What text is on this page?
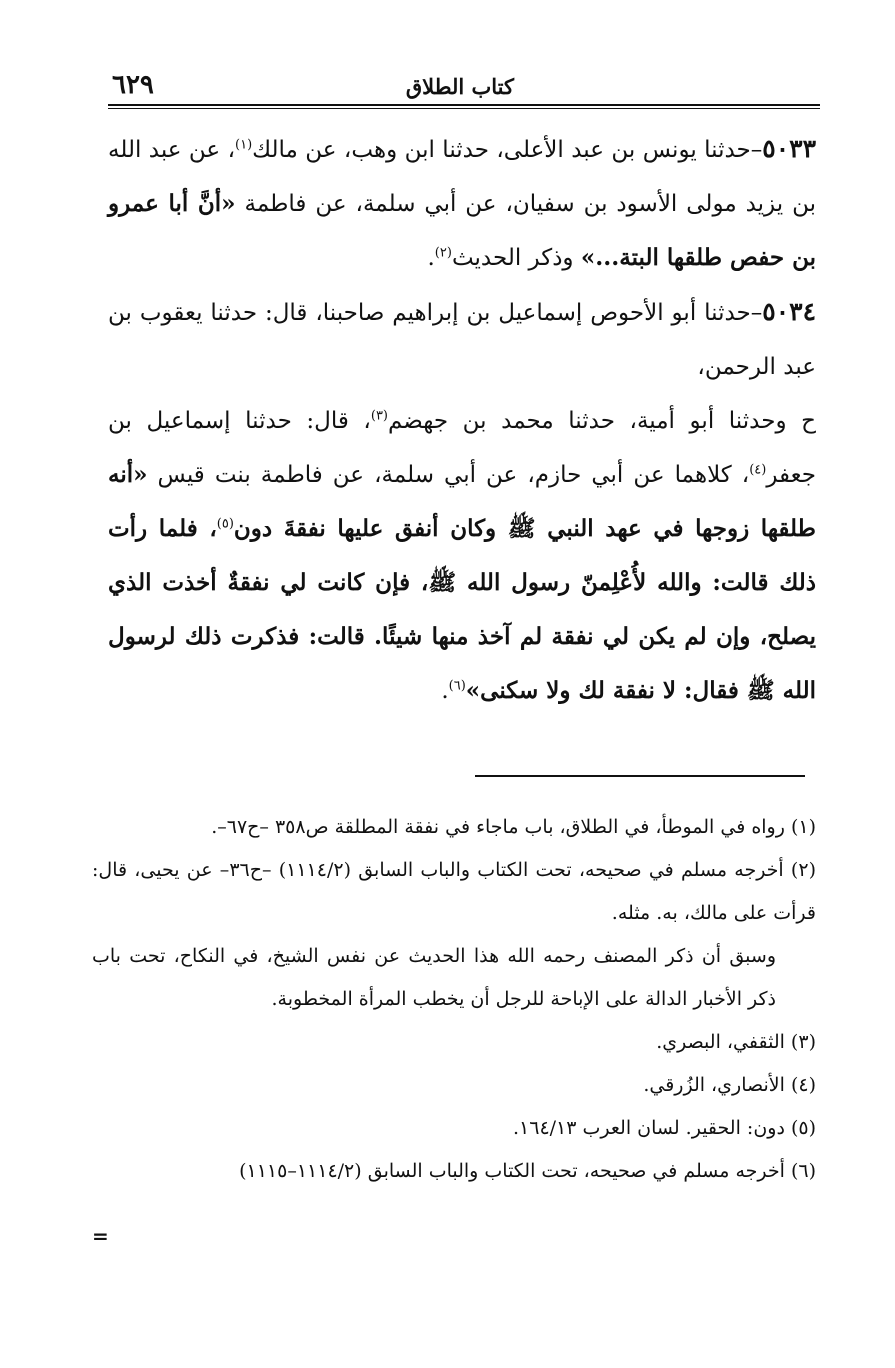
كتاب الطلاق
٦٢٩

٥٠٣٣–حدثنا يونس بن عبد الأعلى، حدثنا ابن وهب، عن مالك$^{(١)}$، عن عبد الله بن يزيد مولى الأسود بن سفيان، عن أبي سلمة، عن فاطمة «أنَّ أبا عمرو بن حفص طلقها البتة...» وذكر الحديث$^{(٢)}$.

٥٠٣٤–حدثنا أبو الأحوص إسماعيل بن إبراهيم صاحبنا، قال: حدثنا يعقوب بن عبد الرحمن،

ح وحدثنا أبو أمية، حدثنا محمد بن جهضم$^{(٣)}$، قال: حدثنا إسماعيل بن جعفر$^{(٤)}$، كلاهما عن أبي حازم، عن أبي سلمة، عن فاطمة بنت قيس «أنه طلقها زوجها في عهد النبي ﷺ وكان أنفق عليها نفقةَ دون$^{(٥)}$، فلما رأت ذلك قالت: والله لأُعْلِمنّ رسول الله ﷺ، فإن كانت لي نفقةٌ أخذت الذي يصلح، وإن لم يكن لي نفقة لم آخذ منها شيئًا. قالت: فذكرت ذلك لرسول الله ﷺ فقال: لا نفقة لك ولا سكنى»$^{(٦)}$.

(١) رواه في الموطأ، في الطلاق، باب ماجاء في نفقة المطلقة ص٣٥٨ –ح٦٧–.

(٢) أخرجه مسلم في صحيحه، تحت الكتاب والباب السابق (١١١٤/٢) –ح٣٦– عن يحيى، قال: قرأت على مالك، به. مثله.

وسبق أن ذكر المصنف رحمه الله هذا الحديث عن نفس الشيخ، في النكاح، تحت باب ذكر الأخبار الدالة على الإباحة للرجل أن يخطب المرأة المخطوبة.

(٣) الثقفي، البصري.

(٤) الأنصاري، الزُرقي.

(٥) دون: الحقير. لسان العرب ١٦٤/١٣.

(٦) أخرجه مسلم في صحيحه، تحت الكتاب والباب السابق (١١١٤/٢–١١١٥)

=
